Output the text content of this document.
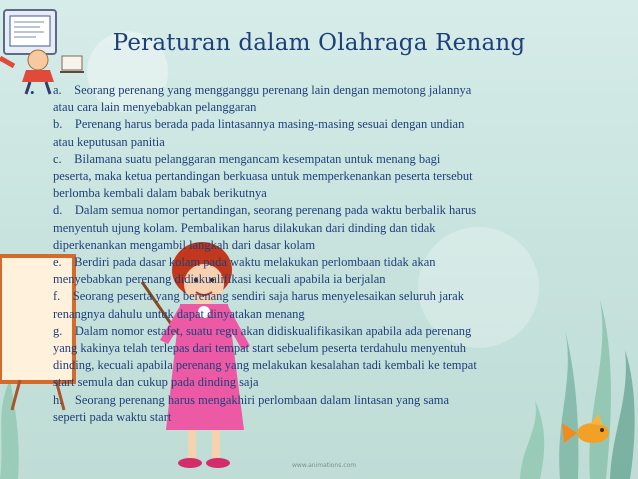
Peraturan dalam Olahraga Renang
• a.    Seorang perenang yang mengganggu perenang lain dengan memotong jalannya
atau cara lain menyebabkan pelanggaran
b.    Perenang harus berada pada lintasannya masing-masing sesuai dengan undian
atau keputusan panitia
c.    Bilamana suatu pelanggaran mengancam kesempatan untuk menang bagi
peserta, maka ketua pertandingan berkuasa untuk memperkenankan peserta tersebut
berlomba kembali dalam babak berikutnya
d.    Dalam semua nomor pertandingan, seorang perenang pada waktu berbalik harus
menyentuh ujung kolam. Pembalikan harus dilakukan dari dinding dan tidak
diperkenankan mengambil langkah dari dasar kolam
e.    Berdiri pada dasar kolam pada waktu melakukan perlombaan tidak akan
menyebabkan perenang didiskualifikasi kecuali apabila ia berjalan
f.    Seorang peserta yang berenang sendiri saja harus menyelesaikan seluruh jarak
renangnya dahulu untuk dapat dinyatakan menang
g.    Dalam nomor estafet, suatu regu akan didiskualifikasikan apabila ada perenang
yang kakinya telah terlepas dari tempat start sebelum peserta terdahulu menyentuh
dinding, kecuali apabila perenang yang melakukan kesalahan tadi kembali ke tempat
start semula dan cukup pada dinding saja
h.    Seorang perenang harus mengakhiri perlombaan dalam lintasan yang sama
seperti pada waktu start
www.animations.com
